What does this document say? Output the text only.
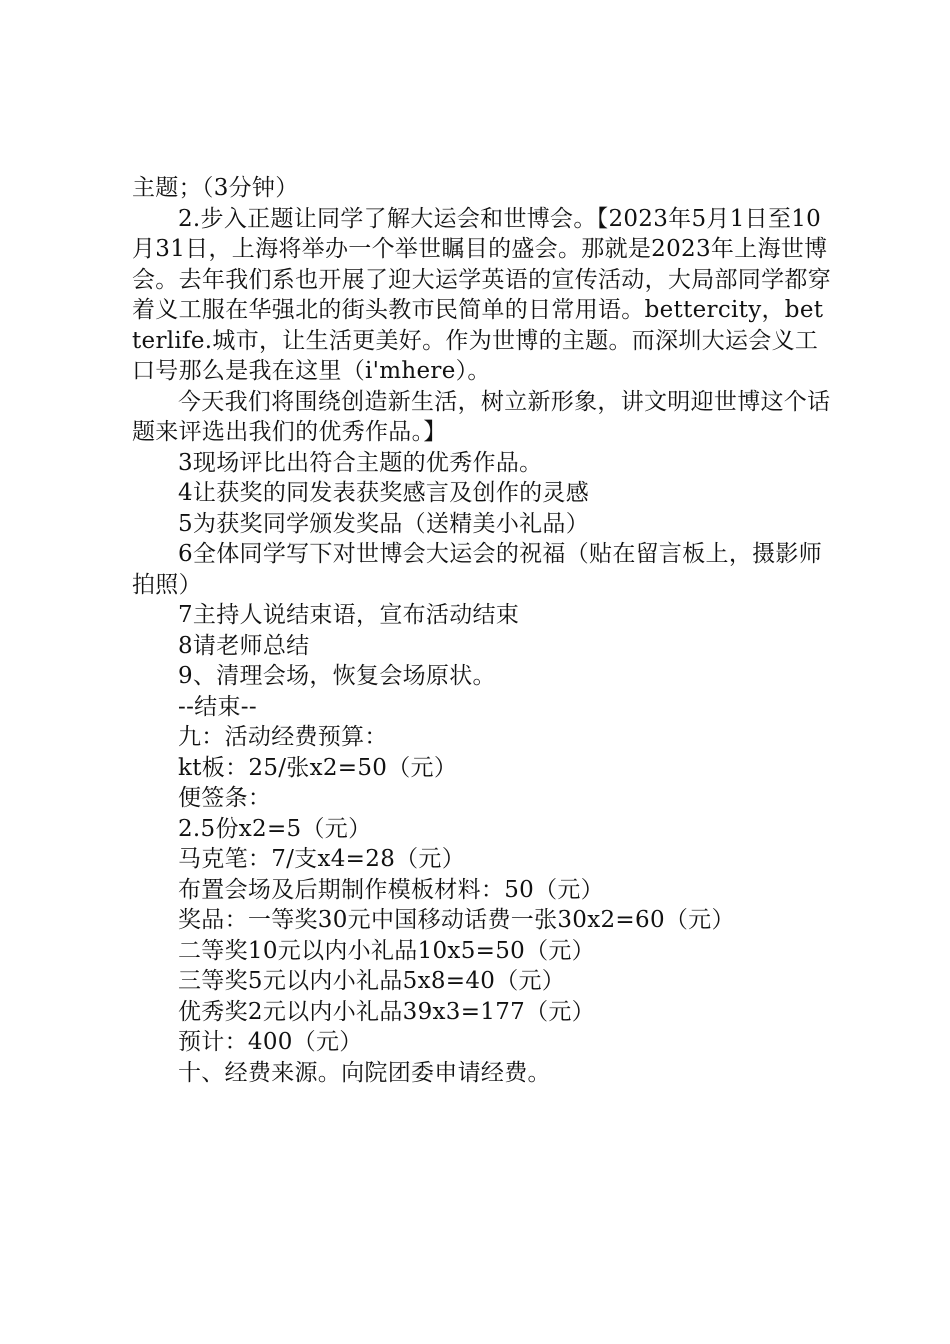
主题；（3分钟）

2.步入正题让同学了解大运会和世博会。【2023年5月1日至10月31日，上海将举办一个举世瞩目的盛会。那就是2023年上海世博会。去年我们系也开展了迎大运学英语的宣传活动，大局部同学都穿着义工服在华强北的街头教市民简单的日常用语。bettercity，betterlife.城市，让生活更美好。作为世博的主题。而深圳大运会义工口号那么是我在这里（i'mhere）。

今天我们将围绕创造新生活，树立新形象，讲文明迎世博这个话题来评选出我们的优秀作品。】

3现场评比出符合主题的优秀作品。

4让获奖的同发表获奖感言及创作的灵感

5为获奖同学颁发奖品（送精美小礼品）

6全体同学写下对世博会大运会的祝福（贴在留言板上，摄影师拍照）

7主持人说结束语，宣布活动结束

8请老师总结

9、清理会场，恢复会场原状。

--结束--

九：活动经费预算：

kt板：25/张x2=50（元）

便签条：

2.5份x2=5（元）

马克笔：7/支x4=28（元）

布置会场及后期制作模板材料：50（元）

奖品：一等奖30元中国移动话费一张30x2=60（元）

二等奖10元以内小礼品10x5=50（元）

三等奖5元以内小礼品5x8=40（元）

优秀奖2元以内小礼品39x3=177（元）

预计：400（元）

十、经费来源。向院团委申请经费。
